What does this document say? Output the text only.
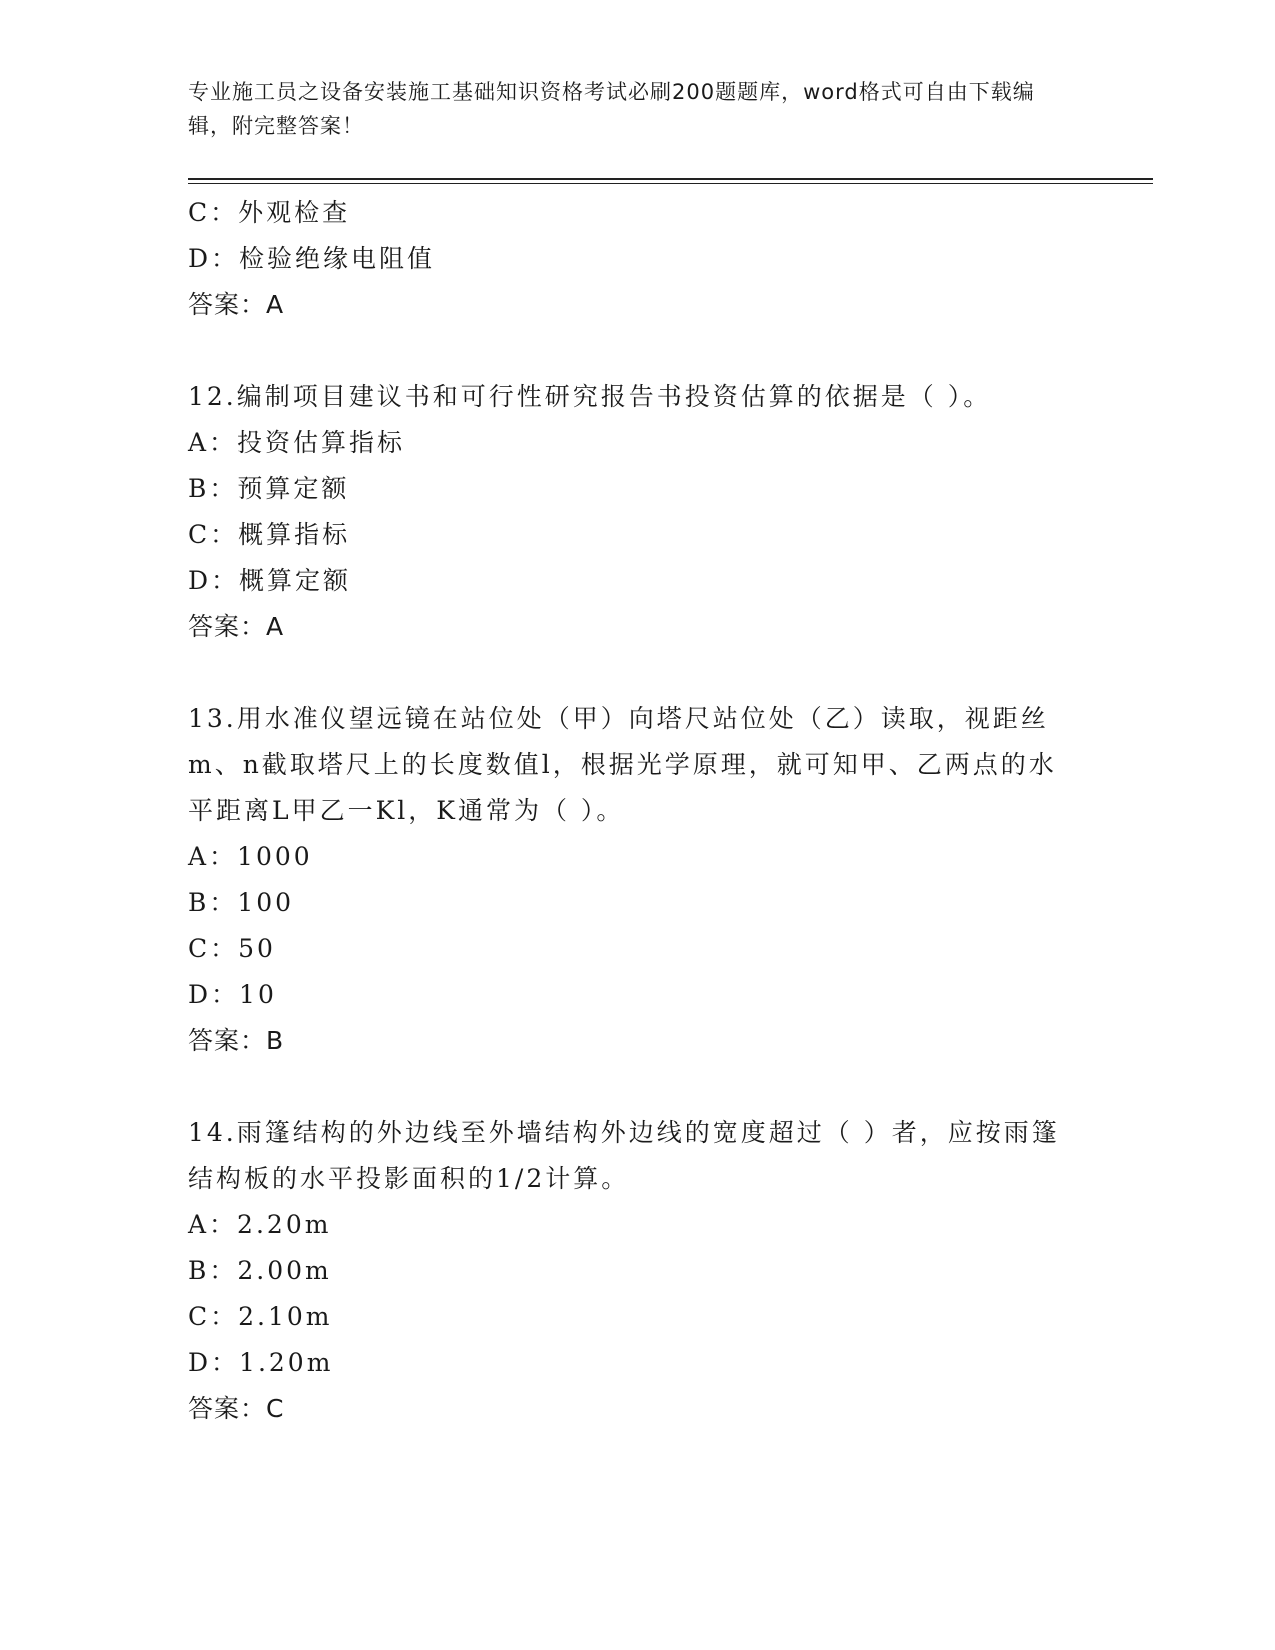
专业施工员之设备安装施工基础知识资格考试必刷200题题库，word格式可自由下载编辑，附完整答案！
C：外观检查
D：检验绝缘电阻值
答案：A
12.编制项目建议书和可行性研究报告书投资估算的依据是（ ）。
A：投资估算指标
B：预算定额
C：概算指标
D：概算定额
答案：A
13.用水准仪望远镜在站位处（甲）向塔尺站位处（乙）读取，视距丝m、n截取塔尺上的长度数值l，根据光学原理，就可知甲、乙两点的水平距离L甲乙一Kl，K通常为（ ）。
A：1000
B：100
C：50
D：10
答案：B
14.雨篷结构的外边线至外墙结构外边线的宽度超过（ ）者，应按雨篷结构板的水平投影面积的1/2计算。
A：2.20m
B：2.00m
C：2.10m
D：1.20m
答案：C
